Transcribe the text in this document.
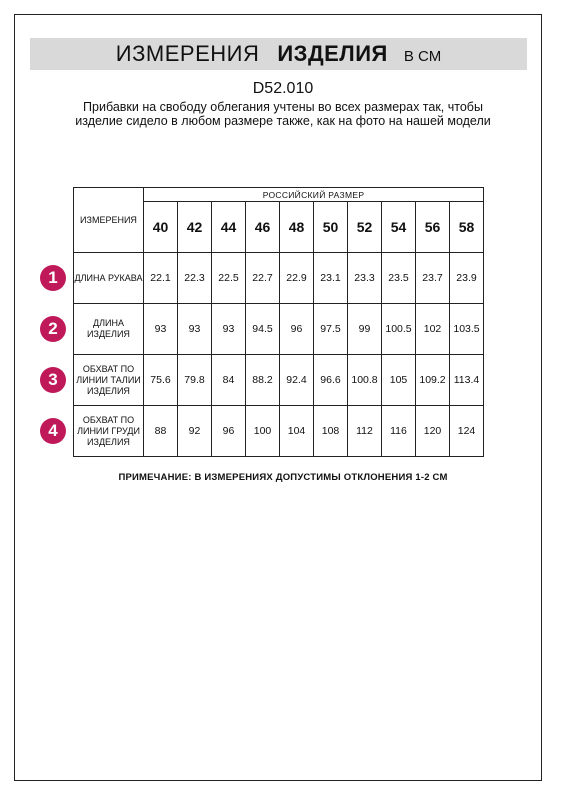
ИЗМЕРЕНИЯ ИЗДЕЛИЯ В СМ
D52.010
Прибавки на свободу облегания учтены во всех размерах так, чтобы изделие сидело в любом размере также, как на фото на нашей модели
ИЗМЕРЕНИЯ	РОССИЙСКИЙ РАЗМЕР									
	40	42	44	46	48	50	52	54	56	58
ДЛИНА РУКАВА	22.1	22.3	22.5	22.7	22.9	23.1	23.3	23.5	23.7	23.9
ДЛИНА ИЗДЕЛИЯ	93	93	93	94.5	96	97.5	99	100.5	102	103.5
ОБХВАТ ПО ЛИНИИ ТАЛИИ ИЗДЕЛИЯ	75.6	79.8	84	88.2	92.4	96.6	100.8	105	109.2	113.4
ОБХВАТ ПО ЛИНИИ ГРУДИ ИЗДЕЛИЯ	88	92	96	100	104	108	112	116	120	124
1
2
3
4
ПРИМЕЧАНИЕ: В ИЗМЕРЕНИЯХ ДОПУСТИМЫ ОТКЛОНЕНИЯ 1-2 СМ
